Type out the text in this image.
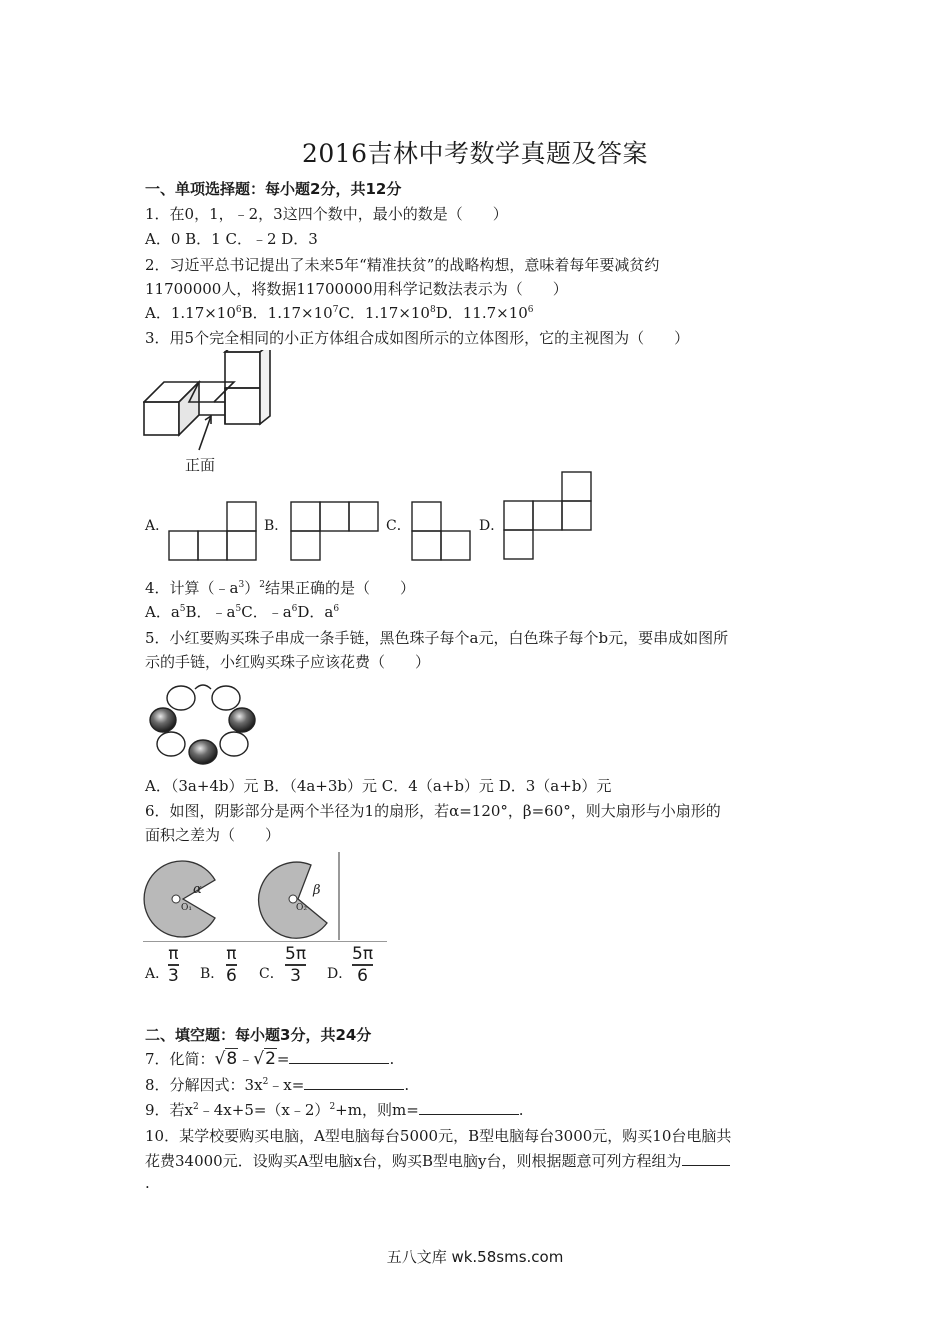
2016吉林中考数学真题及答案
一、单项选择题：每小题2分，共12分
1．在0，1，﹣2，3这四个数中，最小的数是（　　）
A．0 B．1 C．﹣2 D．3
2．习近平总书记提出了未来5年“精准扶贫”的战略构想，意味着每年要减贫约
11700000人，将数据11700000用科学记数法表示为（　　）
A．$1.17\times 10^6B$．$1.17\times 10^7C$．$1.17\times 10^8D$．$11.7\times 10^6$
3．用5个完全相同的小正方体组合成如图所示的立体图形，它的主视图为（　　）
正面
A．	B．	C．	D．
4．计算$(﹣a^3)^2$结果正确的是（　　）
A．$a^5B$．$﹣a^5C$．$﹣a^6D$．$a^6$
5．小红要购买珠子串成一条手链，黑色珠子每个a元，白色珠子每个b元，要串成如图所
示的手链，小红购买珠子应该花费（　　）
A．（3a+4b）元 B．（4a+3b）元 C．4（a+b）元 D．3（a+b）元
6．如图，阴影部分是两个半径为1的扇形，若α=120°，β=60°，则大扇形与小扇形的
面积之差为（　　）
α	β
O₁	O₂
A．
$\frac{\pi}{3}$ B． $\frac{\pi}{6}$ C． $\frac{5\pi}{3}$ D． $\frac{5\pi}{6}$
二、填空题：每小题3分，共24分
7．化简：√8﹣√2=	.
8．分解因式：$3x^2﹣x=$	.
9．若$x^2﹣4x+5=(x﹣2)^2+m$，则m=	.
10．某学校要购买电脑，A型电脑每台5000元，B型电脑每台3000元，购买10台电脑共
花费34000元．设购买A型电脑x台，购买B型电脑y台，则根据题意可列方程组为
.
五八文库 wk.58sms.com
